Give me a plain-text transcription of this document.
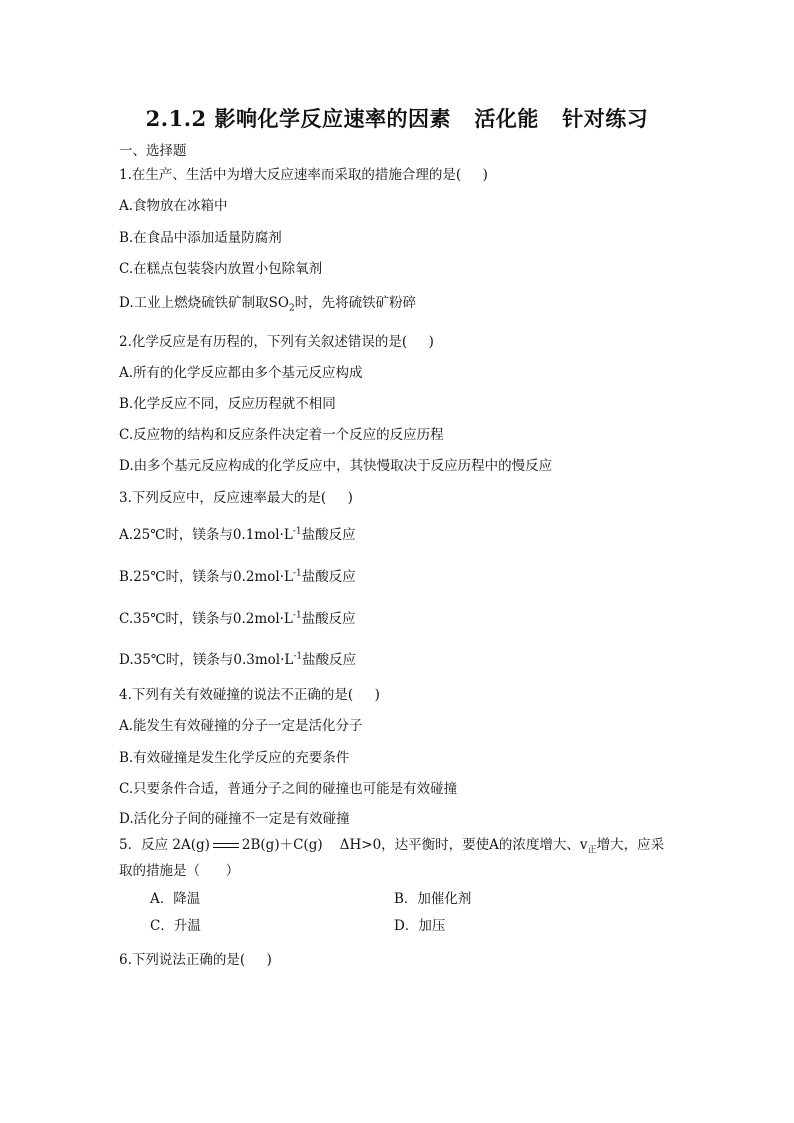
2.1.2 影响化学反应速率的因素   活化能   针对练习
一、选择题
1.在生产、生活中为增大反应速率而采取的措施合理的是(     )
A.食物放在冰箱中
B.在食品中添加适量防腐剂
C.在糕点包装袋内放置小包除氧剂
D.工业上燃烧硫铁矿制取$SO_2$时，先将硫铁矿粉碎
2.化学反应是有历程的，下列有关叙述错误的是(     )
A.所有的化学反应都由多个基元反应构成
B.化学反应不同，反应历程就不相同
C.反应物的结构和反应条件决定着一个反应的反应历程
D.由多个基元反应构成的化学反应中，其快慢取决于反应历程中的慢反应
3.下列反应中，反应速率最大的是(     )
A.25℃时，镁条与$0.1mol\cdot L^{-1}$盐酸反应
B.25℃时，镁条与$0.2mol\cdot L^{-1}$盐酸反应
C.35℃时，镁条与$0.2mol\cdot L^{-1}$盐酸反应
D.35℃时，镁条与$0.3mol\cdot L^{-1}$盐酸反应
4.下列有关有效碰撞的说法不正确的是(     )
A.能发生有效碰撞的分子一定是活化分子
B.有效碰撞是发生化学反应的充要条件
C.只要条件合适，普通分子之间的碰撞也可能是有效碰撞
D.活化分子间的碰撞不一定是有效碰撞
5．反应 2A(g) 2B(g)＋C(g)    ΔH>0，达平衡时，要使A的浓度增大、$v_正$增大，应采
取的措施是（      ）
A．降温	B．加催化剂
C．升温	D．加压
6.下列说法正确的是(     )
